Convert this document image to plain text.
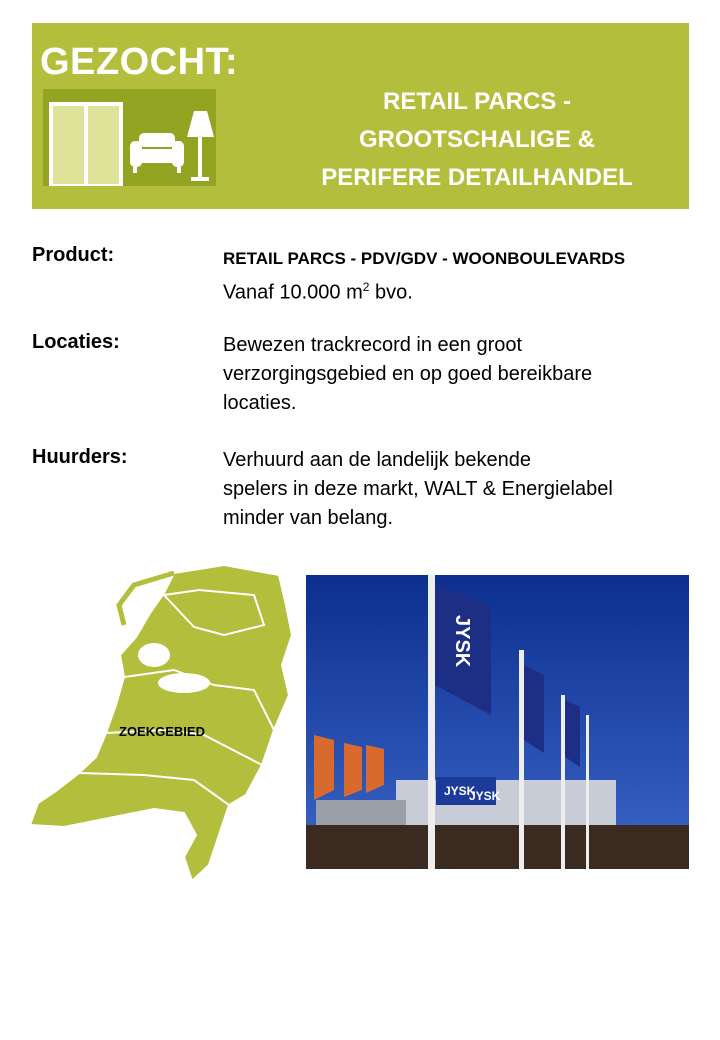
GEZOCHT:
RETAIL PARCS -
GROOTSCHALIGE &
PERIFERE DETAILHANDEL
Product:	RETAIL PARCS - PDV/GDV - WOONBOULEVARDS
Vanaf 10.000 $m^2$ bvo.
Locaties:	Bewezen trackrecord in een groot
verzorgingsgebied en op goed bereikbare
locaties.
Huurders:	Verhuurd aan de landelijk bekende
spelers in deze markt, WALT & Energielabel
minder van belang.
ZOEKGEBIED
JYSK
JYSK
JYSK
